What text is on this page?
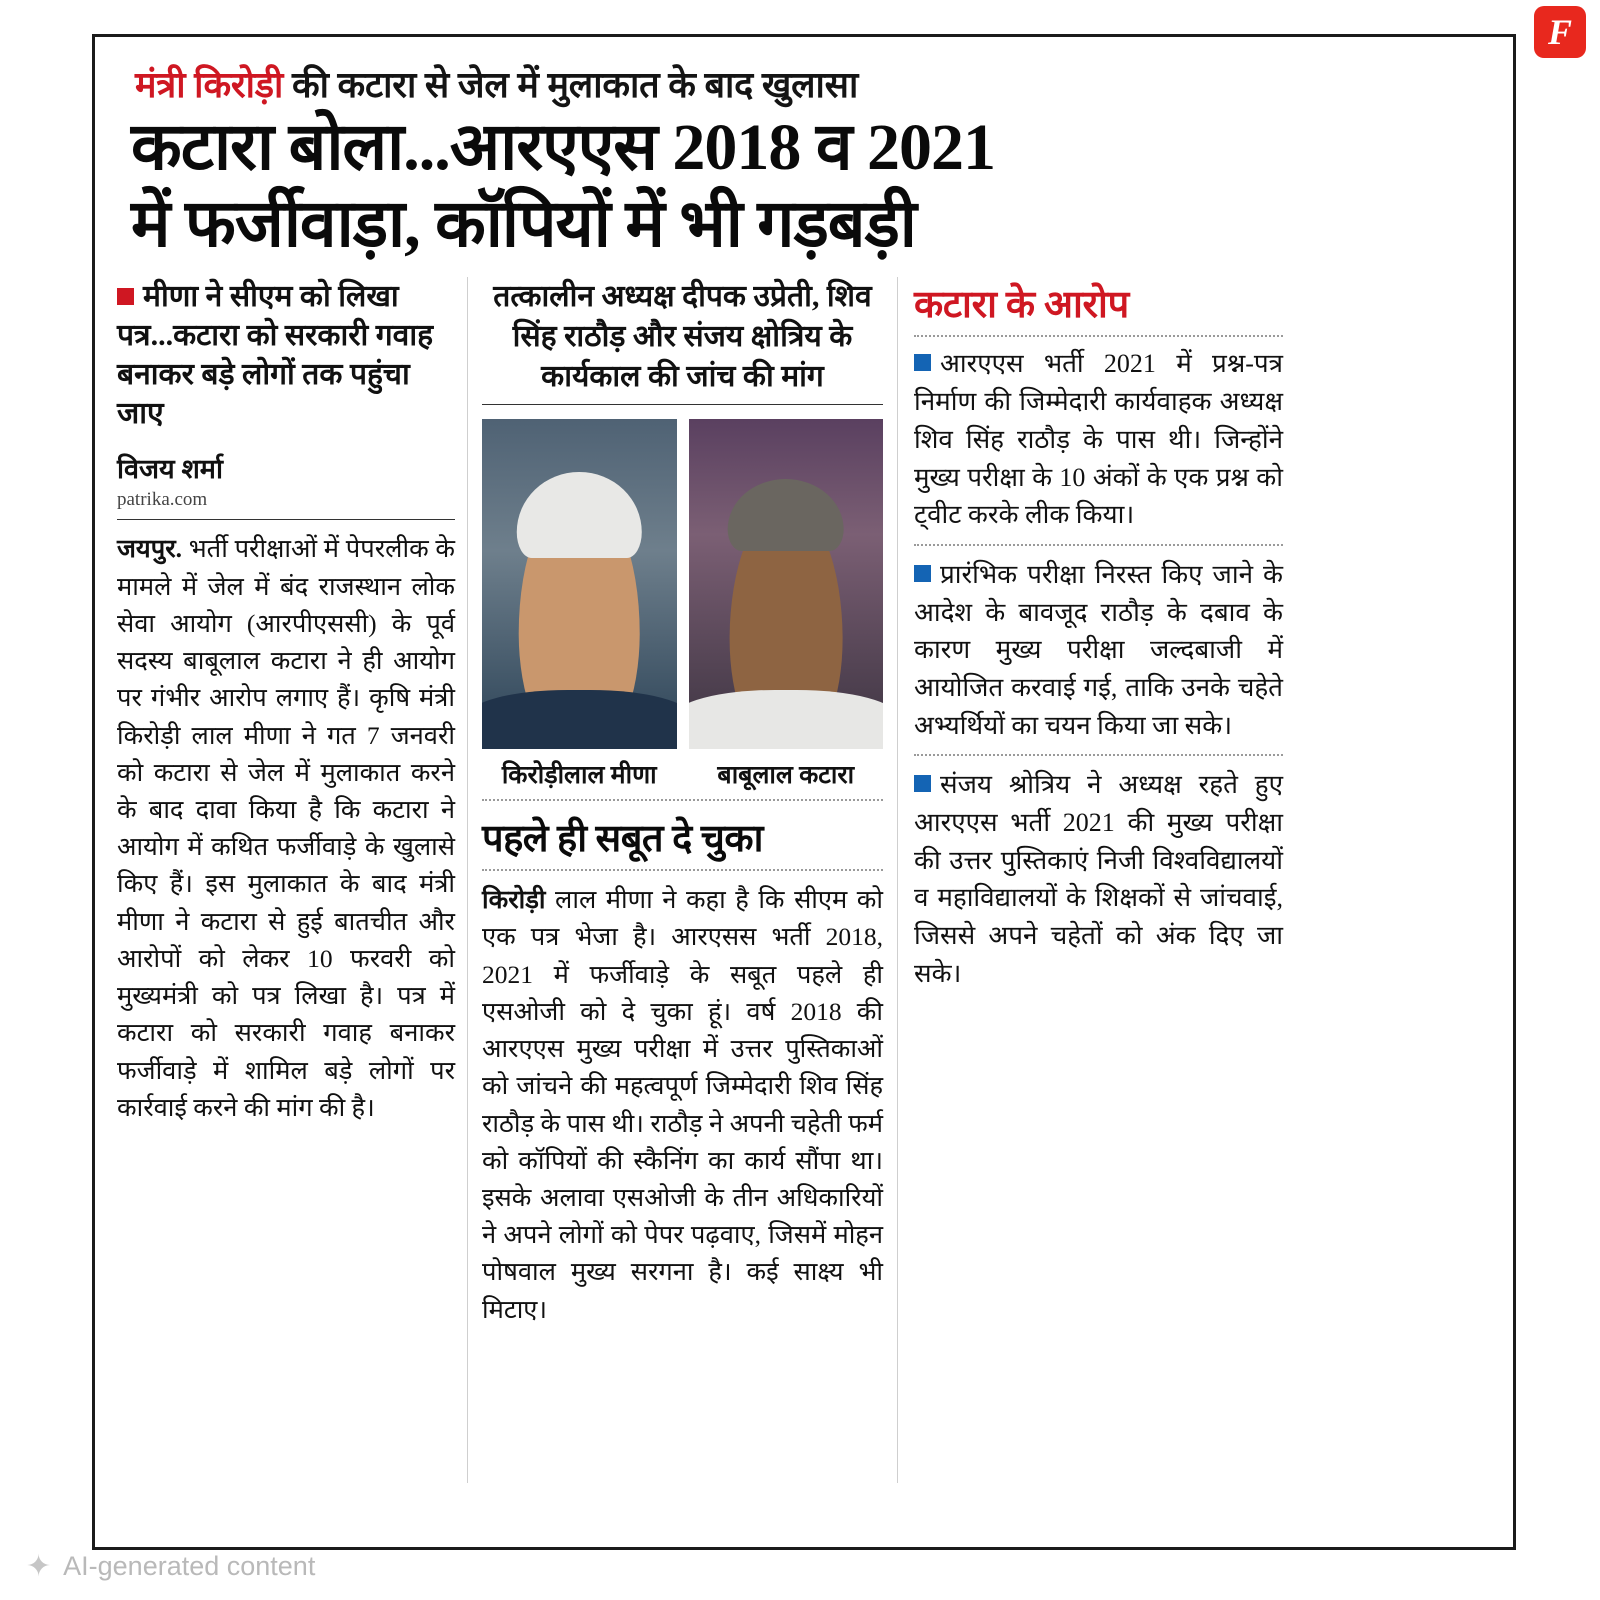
F
मंत्री किरोड़ी की कटारा से जेल में मुलाकात के बाद खुलासा
कटारा बोला...आरएएस 2018 व 2021
में फर्जीवाड़ा, कॉपियों में भी गड़बड़ी
मीणा ने सीएम को लिखा पत्र...कटारा को सरकारी गवाह बनाकर बड़े लोगों तक पहुंचा जाए
विजय शर्मा
patrika.com
जयपुर. भर्ती परीक्षाओं में पेपरलीक के मामले में जेल में बंद राजस्थान लोक सेवा आयोग (आरपीएससी) के पूर्व सदस्य बाबूलाल कटारा ने ही आयोग पर गंभीर आरोप लगाए हैं। कृषि मंत्री किरोड़ी लाल मीणा ने गत 7 जनवरी को कटारा से जेल में मुलाकात करने के बाद दावा किया है कि कटारा ने आयोग में कथित फर्जीवाड़े के खुलासे किए हैं। इस मुलाकात के बाद मंत्री मीणा ने कटारा से हुई बातचीत और आरोपों को लेकर 10 फरवरी को मुख्यमंत्री को पत्र लिखा है। पत्र में कटारा को सरकारी गवाह बनाकर फर्जीवाड़े में शामिल बड़े लोगों पर कार्रवाई करने की मांग की है।
तत्कालीन अध्यक्ष दीपक उप्रेती, शिव सिंह राठौड़ और संजय क्षोत्रिय के कार्यकाल की जांच की मांग
किरोड़ीलाल मीणा	बाबूलाल कटारा
पहले ही सबूत दे चुका
किरोड़ी लाल मीणा ने कहा है कि सीएम को एक पत्र भेजा है। आरएसस भर्ती 2018, 2021 में फर्जीवाड़े के सबूत पहले ही एसओजी को दे चुका हूं। वर्ष 2018 की आरएएस मुख्य परीक्षा में उत्तर पुस्तिकाओं को जांचने की महत्वपूर्ण जिम्मेदारी शिव सिंह राठौड़ के पास थी। राठौड़ ने अपनी चहेती फर्म को कॉपियों की स्कैनिंग का कार्य सौंपा था। इसके अलावा एसओजी के तीन अधिकारियों ने अपने लोगों को पेपर पढ़वाए, जिसमें मोहन पोषवाल मुख्य सरगना है। कई साक्ष्य भी मिटाए।
कटारा के आरोप
आरएएस भर्ती 2021 में प्रश्न-पत्र निर्माण की जिम्मेदारी कार्यवाहक अध्यक्ष शिव सिंह राठौड़ के पास थी। जिन्होंने मुख्य परीक्षा के 10 अंकों के एक प्रश्न को ट्वीट करके लीक किया।
प्रारंभिक परीक्षा निरस्त किए जाने के आदेश के बावजूद राठौड़ के दबाव के कारण मुख्य परीक्षा जल्दबाजी में आयोजित करवाई गई, ताकि उनके चहेते अभ्यर्थियों का चयन किया जा सके।
संजय श्रोत्रिय ने अध्यक्ष रहते हुए आरएएस भर्ती 2021 की मुख्य परीक्षा की उत्तर पुस्तिकाएं निजी विश्वविद्यालयों व महाविद्यालयों के शिक्षकों से जांचवाई, जिससे अपने चहेतों को अंक दिए जा सके।
✦ AI-generated content
